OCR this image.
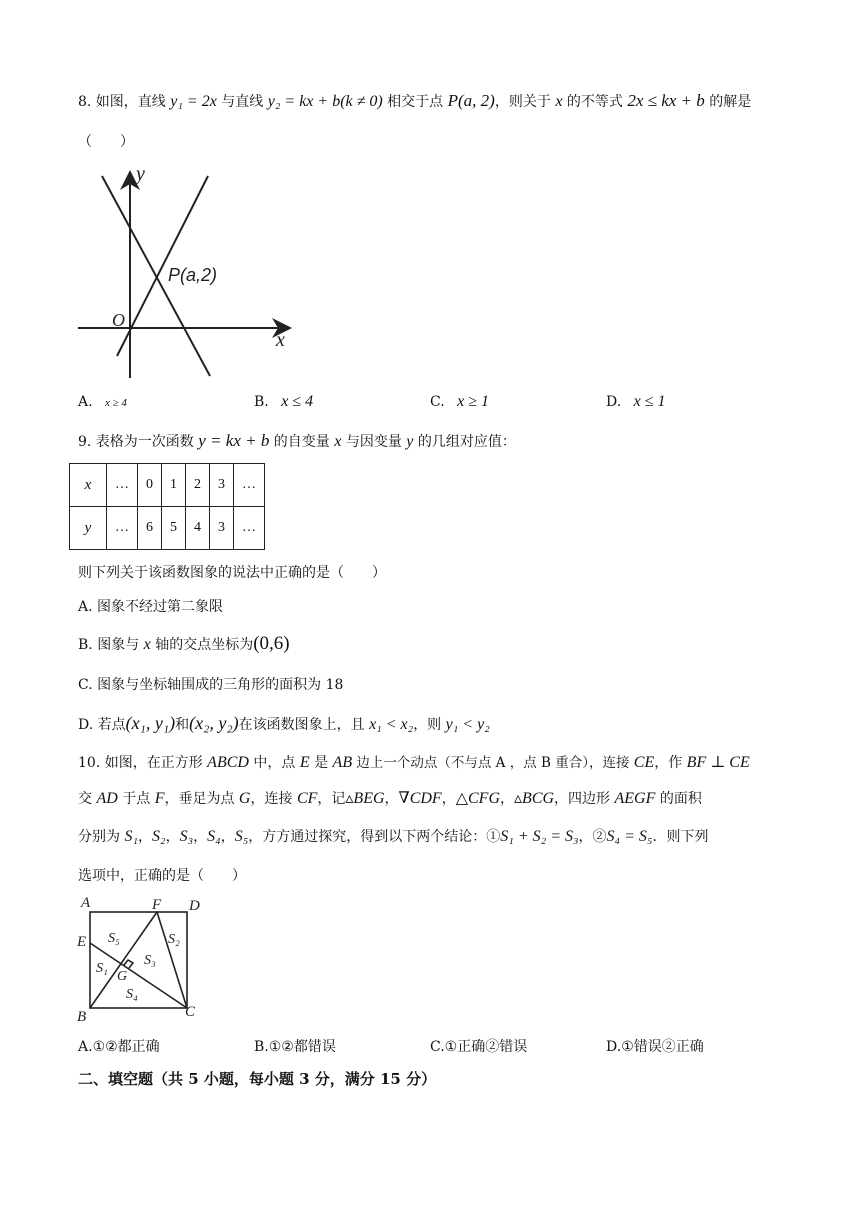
8. 如图，直线 y₁ = 2x 与直线 y₂ = kx + b(k ≠ 0) 相交于点 P(a, 2)，则关于 x 的不等式 2x ≤ kx + b 的解是
（　　）
y
x
O
P(a,2)
A. x ≥ 4	B. x ≤ 4	C. x ≥ 1	D. x ≤ 1
9. 表格为一次函数 y = kx + b 的自变量 x 与因变量 y 的几组对应值：
x	…	0	1	2	3	…
y	…	6	5	4	3	…
则下列关于该函数图象的说法中正确的是（　　）
A. 图象不经过第二象限
B. 图象与 x 轴的交点坐标为(0,6)
C. 图象与坐标轴围成的三角形的面积为 18
D. 若点(x₁, y₁)和(x₂, y₂)在该函数图象上，且 x₁ < x₂，则 y₁ < y₂
10. 如图，在正方形 ABCD 中，点 E 是 AB 边上一个动点（不与点 A ，点 B 重合），连接 CE，作 BF ⊥ CE
交 AD 于点 F，垂足为点 G，连接 CF，记▵BEG，∇CDF，△CFG，▵BCG，四边形 AEGF 的面积
分别为 S₁，S₂，S₃，S₄，S₅，方方通过探究，得到以下两个结论：①S₁ + S₂ = S₃，②S₄ = S₅．则下列
选项中，正确的是（　　）
A	F D
E
B	C
G
S₁
S₂
S₃
S₄
S₅
A.①②都正确	B.①②都错误	C.①正确②错误	D.①错误②正确
二、填空题（共 5 小题，每小题 3 分，满分 15 分）
